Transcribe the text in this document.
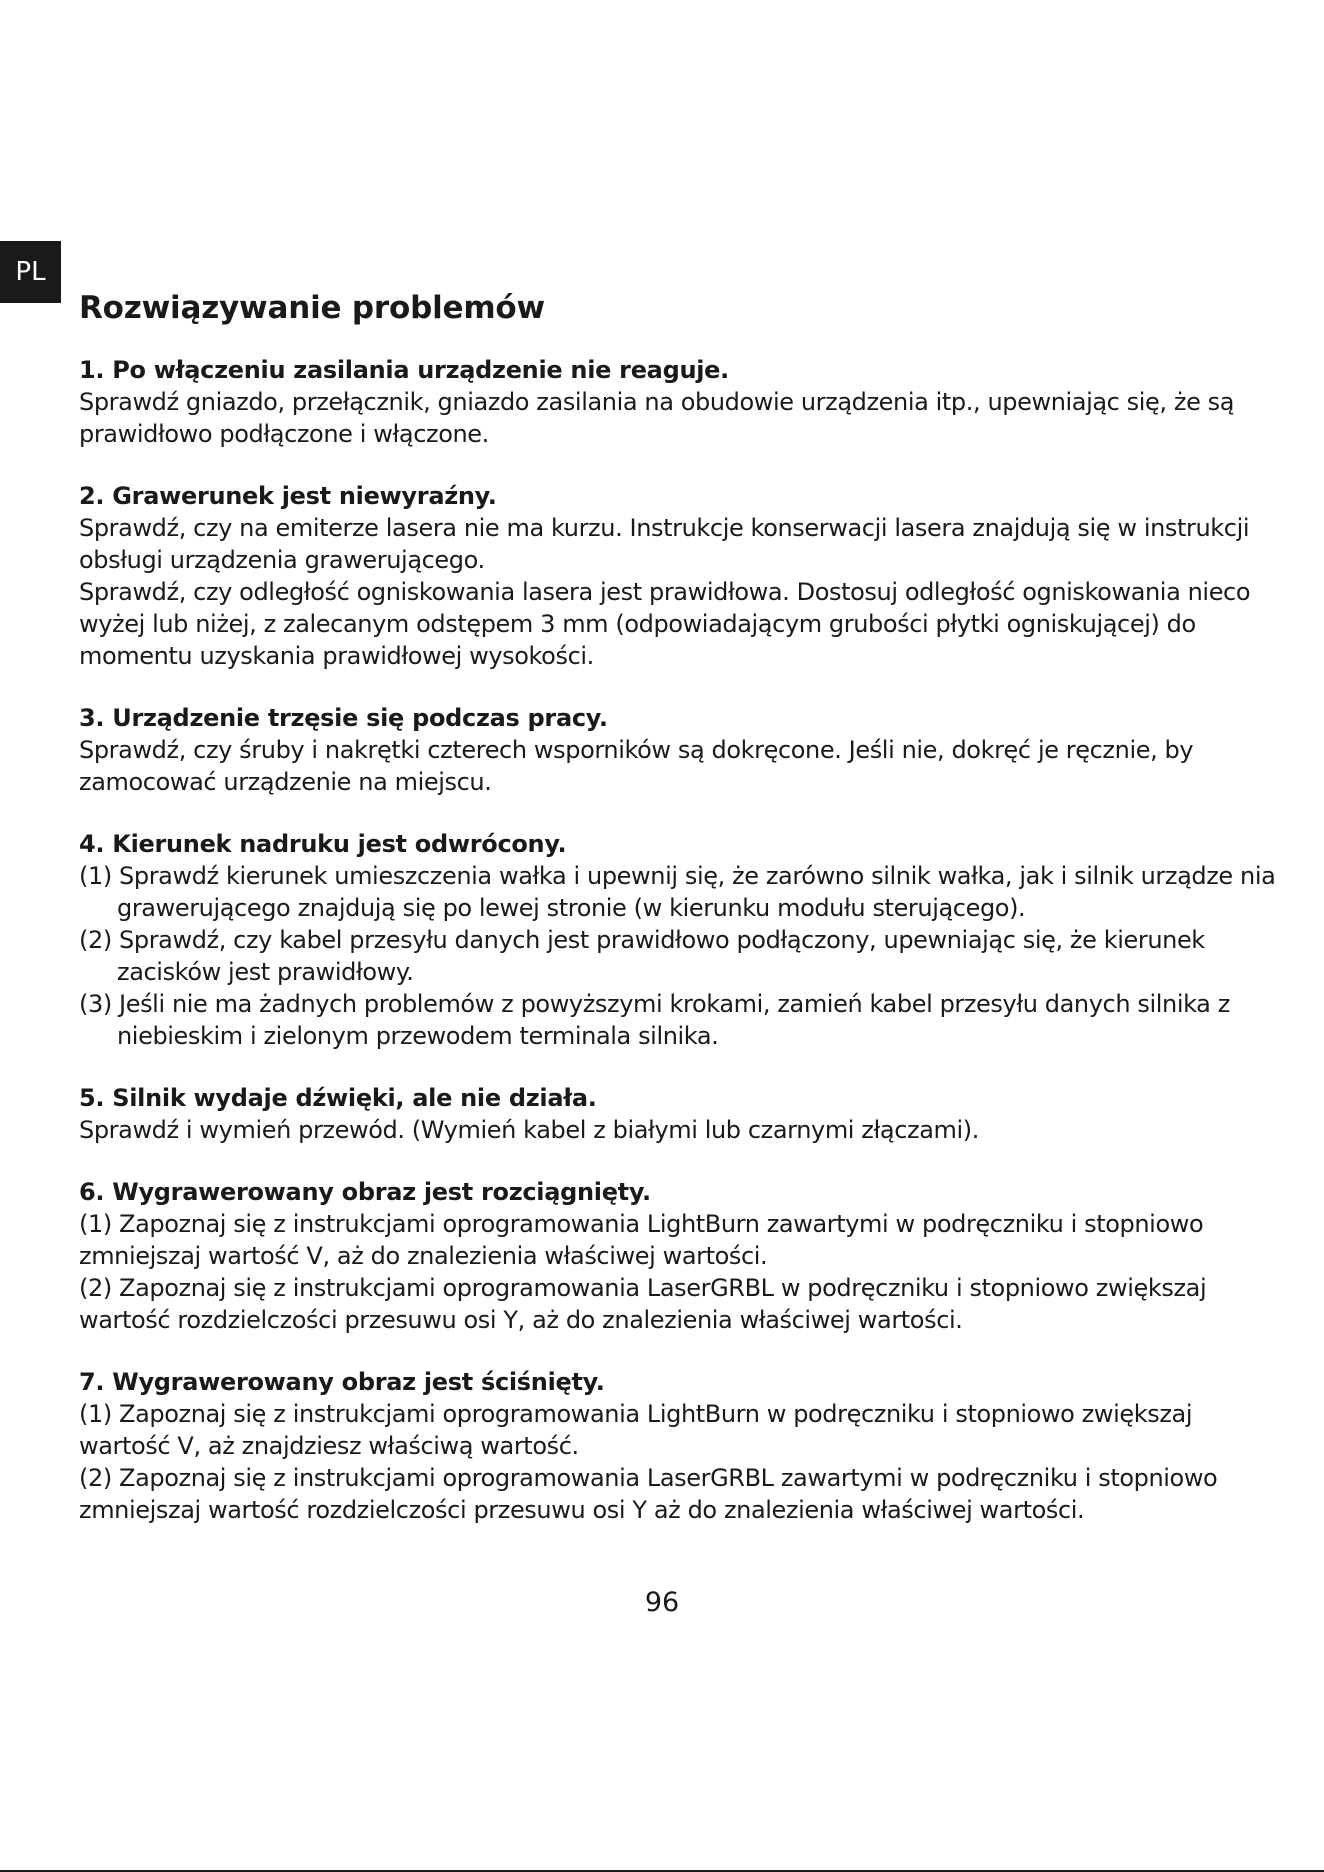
PL
Rozwiązywanie problemów

1. Po włączeniu zasilania urządzenie nie reaguje.

Sprawdź gniazdo, przełącznik, gniazdo zasilania na obudowie urządzenia itp., upewniając się, że są prawidłowo podłączone i włączone.

2. Grawerunek jest niewyraźny.

Sprawdź, czy na emiterze lasera nie ma kurzu. Instrukcje konserwacji lasera znajdują się w instrukcji obsługi urządzenia grawerującego.

Sprawdź, czy odległość ogniskowania lasera jest prawidłowa. Dostosuj odległość ogniskowania nieco wyżej lub niżej, z zalecanym odstępem 3 mm (odpowiadającym grubości płytki ogniskującej) do momentu uzyskania prawidłowej wysokości.

3. Urządzenie trzęsie się podczas pracy.

Sprawdź, czy śruby i nakrętki czterech wsporników są dokręcone. Jeśli nie, dokręć je ręcznie, by zamocować urządzenie na miejscu.

4. Kierunek nadruku jest odwrócony.

(1) Sprawdź kierunek umieszczenia wałka i upewnij się, że zarówno silnik wałka, jak i silnik urządze nia grawerującego znajdują się po lewej stronie (w kierunku modułu sterującego).

(2) Sprawdź, czy kabel przesyłu danych jest prawidłowo podłączony, upewniając się, że kierunek zacisków jest prawidłowy.

(3) Jeśli nie ma żadnych problemów z powyższymi krokami, zamień kabel przesyłu danych silnika z niebieskim i zielonym przewodem terminala silnika.

5. Silnik wydaje dźwięki, ale nie działa.

Sprawdź i wymień przewód. (Wymień kabel z białymi lub czarnymi złączami).

6. Wygrawerowany obraz jest rozciągnięty.

(1) Zapoznaj się z instrukcjami oprogramowania LightBurn zawartymi w podręczniku i stopniowo zmniejszaj wartość V, aż do znalezienia właściwej wartości.

(2) Zapoznaj się z instrukcjami oprogramowania LaserGRBL w podręczniku i stopniowo zwiększaj wartość rozdzielczości przesuwu osi Y, aż do znalezienia właściwej wartości.

7. Wygrawerowany obraz jest ściśnięty.

(1) Zapoznaj się z instrukcjami oprogramowania LightBurn w podręczniku i stopniowo zwiększaj wartość V, aż znajdziesz właściwą wartość.

(2) Zapoznaj się z instrukcjami oprogramowania LaserGRBL zawartymi w podręczniku i stopniowo zmniejszaj wartość rozdzielczości przesuwu osi Y aż do znalezienia właściwej wartości.

96
